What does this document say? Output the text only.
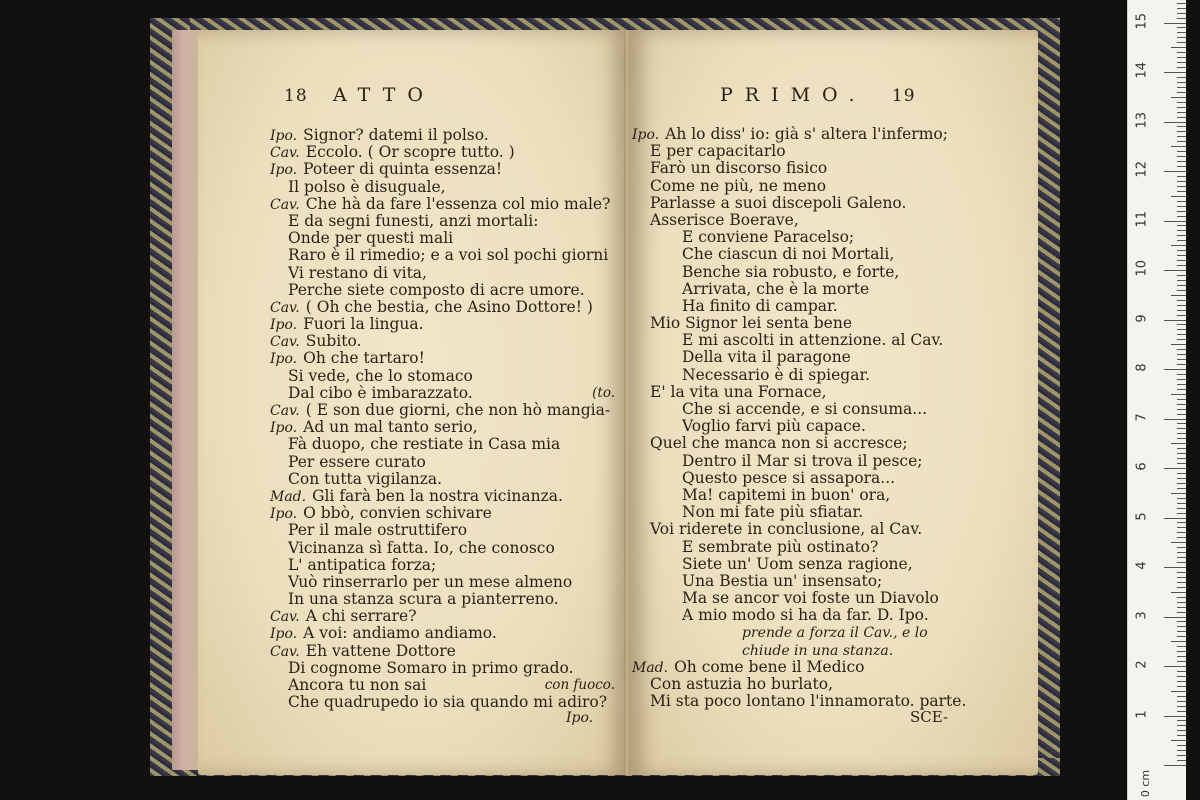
18 ATTO
Ipo. Signor? datemi il polso.
Cav. Eccolo. ( Or scopre tutto. )
Ipo. Poteer di quinta essenza!
Il polso è disuguale,
Cav. Che hà da fare l'essenza col mio male?
E da segni funesti, anzi mortali:
Onde per questi mali
Raro è il rimedio; e a voi sol pochi giorni
Vi restano di vita,
Perche siete composto di acre umore.
Cav. ( Oh che bestia, che Asino Dottore! )
Ipo. Fuori la lingua.
Cav. Subito.
Ipo. Oh che tartaro!
Si vede, che lo stomaco
Dal cibo è imbarazzato.	(to.
Cav. ( E son due giorni, che non hò mangia-
Ipo. Ad un mal tanto serio,
Fà duopo, che restiate in Casa mia
Per essere curato
Con tutta vigilanza.
Mad. Gli farà ben la nostra vicinanza.
Ipo. O bbò, convien schivare
Per il male ostruttifero
Vicinanza sì fatta. Io, che conosco
L' antipatica forza;
Vuò rinserrarlo per un mese almeno
In una stanza scura a pianterreno.
Cav. A chi serrare?
Ipo. A voi: andiamo andiamo.
Cav. Eh vattene Dottore
Di cognome Somaro in primo grado.
Ancora tu non sai	con fuoco.
Che quadrupedo io sia quando mi adiro?
Ipo.
PRIMO. 19
Ipo. Ah lo diss' io: già s' altera l'infermo;
E per capacitarlo
Farò un discorso fisico
Come ne più, ne meno
Parlasse a suoi discepoli Galeno.
Asserisce Boerave,
E conviene Paracelso;
Che ciascun di noi Mortali,
Benche sia robusto, e forte,
Arrivata, che è la morte
Ha finito di campar.
Mio Signor lei senta bene
E mi ascolti in attenzione. al Cav.
Della vita il paragone
Necessario è di spiegar.
E' la vita una Fornace,
Che si accende, e si consuma...
Voglio farvi più capace.
Quel che manca non si accresce;
Dentro il Mar si trova il pesce;
Questo pesce si assapora...
Ma! capitemi in buon' ora,
Non mi fate più sfiatar.
Voi riderete in conclusione, al Cav.
E sembrate più ostinato?
Siete un' Uom senza ragione,
Una Bestia un' insensato;
Ma se ancor voi foste un Diavolo
A mio modo si ha da far. D. Ipo.
prende a forza il Cav., e lo
chiude in una stanza.
Mad. Oh come bene il Medico
Con astuzia ho burlato,
Mi sta poco lontano l'innamorato. parte.
SCE-
0 cm
1
2
3
4
5
6
7
8
9
10
11
12
13
14
15
